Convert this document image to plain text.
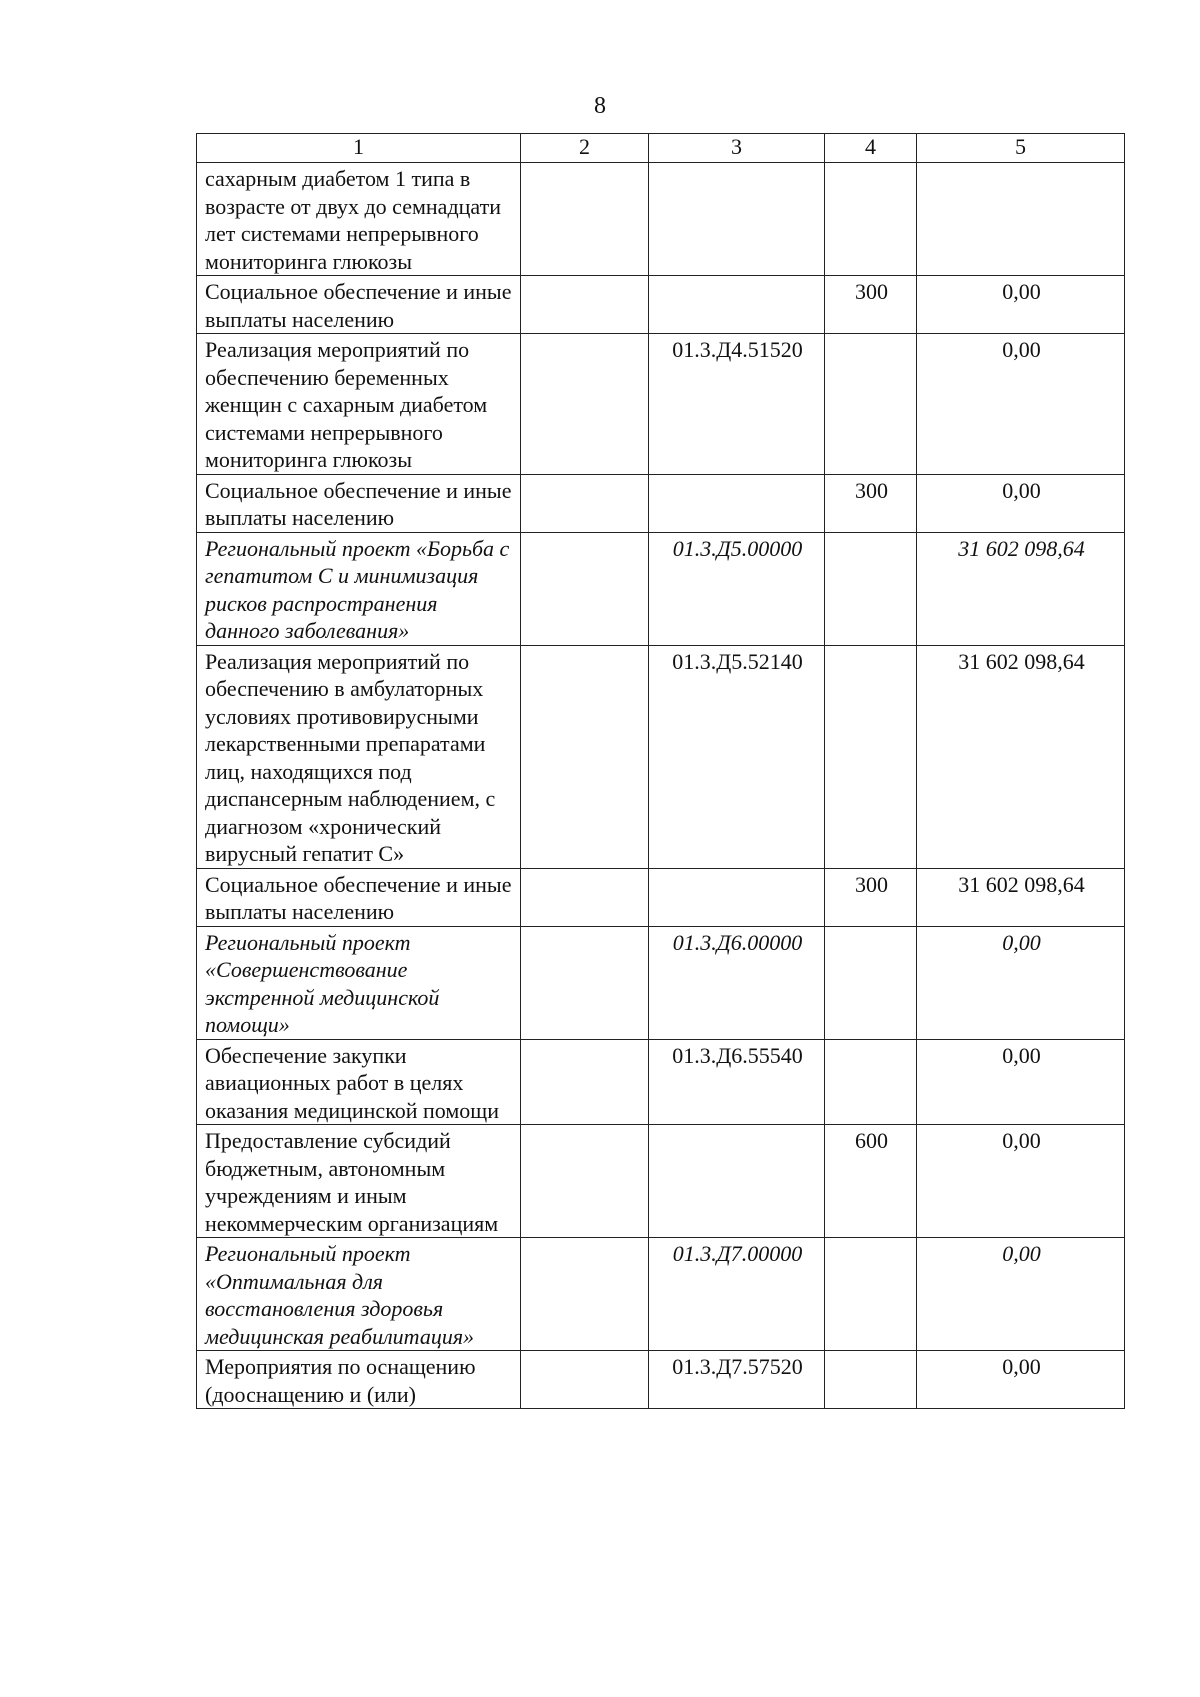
8
1	2	3	4	5
сахарным диабетом 1 типа в возрасте от двух до семнадцати лет системами непрерывного мониторинга глюкозы				
Социальное обеспечение и иные выплаты населению			300	0,00
Реализация мероприятий по обеспечению беременных женщин с сахарным диабетом системами непрерывного мониторинга глюкозы		01.3.Д4.51520		0,00
Социальное обеспечение и иные выплаты населению			300	0,00
Региональный проект «Борьба с гепатитом С и минимизация рисков распространения данного заболевания»		01.3.Д5.00000		31 602 098,64
Реализация мероприятий по обеспечению в амбулаторных условиях противовирусными лекарственными препаратами лиц, находящихся под диспансерным наблюдением, с диагнозом «хронический вирусный гепатит С»		01.3.Д5.52140		31 602 098,64
Социальное обеспечение и иные выплаты населению			300	31 602 098,64
Региональный проект «Совершенствование экстренной медицинской помощи»		01.3.Д6.00000		0,00
Обеспечение закупки авиационных работ в целях оказания медицинской помощи		01.3.Д6.55540		0,00
Предоставление субсидий бюджетным, автономным учреждениям и иным некоммерческим организациям			600	0,00
Региональный проект «Оптимальная для восстановления здоровья медицинская реабилитация»		01.3.Д7.00000		0,00
Мероприятия по оснащению (дооснащению и (или)		01.3.Д7.57520		0,00
